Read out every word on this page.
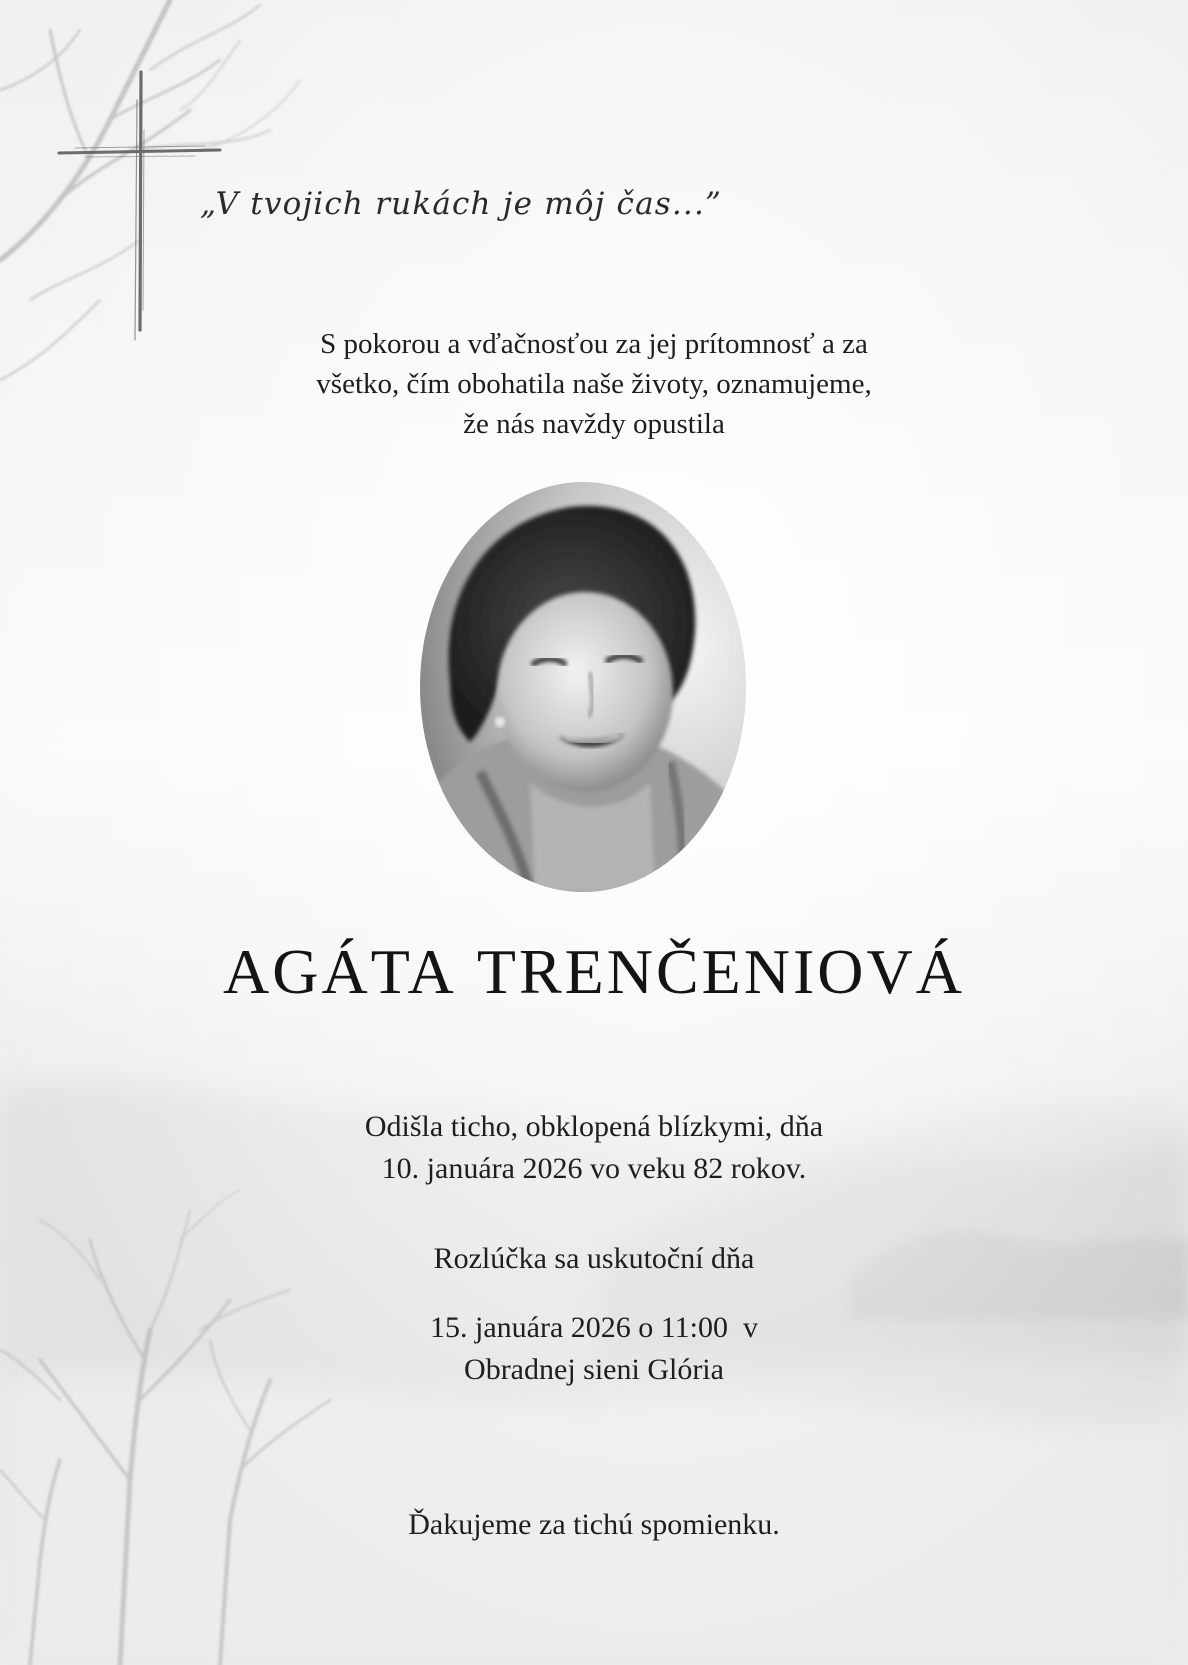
„V tvojich rukách je môj čas...”

S pokorou a vďačnosťou za jej prítomnosť a za
všetko, čím obohatila naše životy, oznamujeme,
že nás navždy opustila

AGÁTA TRENČENIOVÁ

Odišla ticho, obklopená blízkymi, dňa
10. januára 2026 vo veku 82 rokov.

Rozlúčka sa uskutoční dňa

15. januára 2026 o 11:00  v
Obradnej sieni Glória

Ďakujeme za tichú spomienku.
